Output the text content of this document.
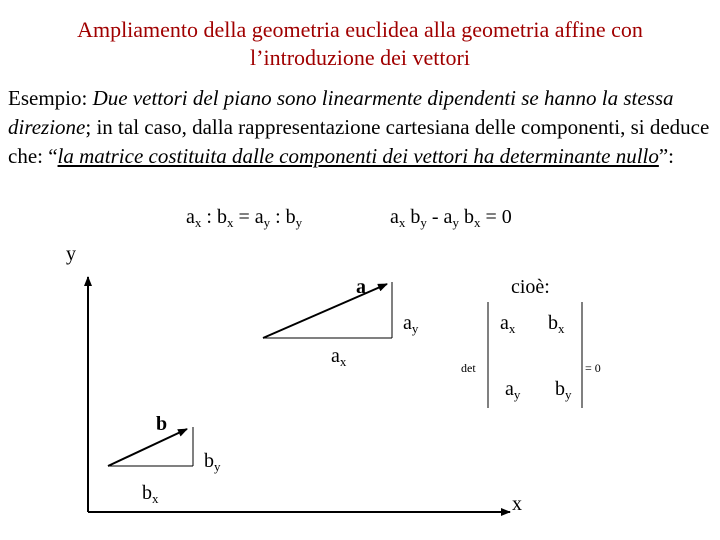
Ampliamento della geometria euclidea alla geometria affine con
l’introduzione dei vettori
Esempio: Due vettori del piano sono linearmente dipendenti se hanno la stessa direzione; in tal caso, dalla rappresentazione cartesiana delle componenti, si deduce che: “la matrice costituita dalle componenti dei vettori ha determinante nullo”:
$a_x$ : $b_x = a_y$ : $b_y$	$a_x$ $b_y - a_y$ $b_x = 0$
y
x
a
$a_x$
$a_y$
b
$b_x$
$b_y$
cioè:
det	= 0
$a_x$ $b_x$
$a_y$ $b_y$
